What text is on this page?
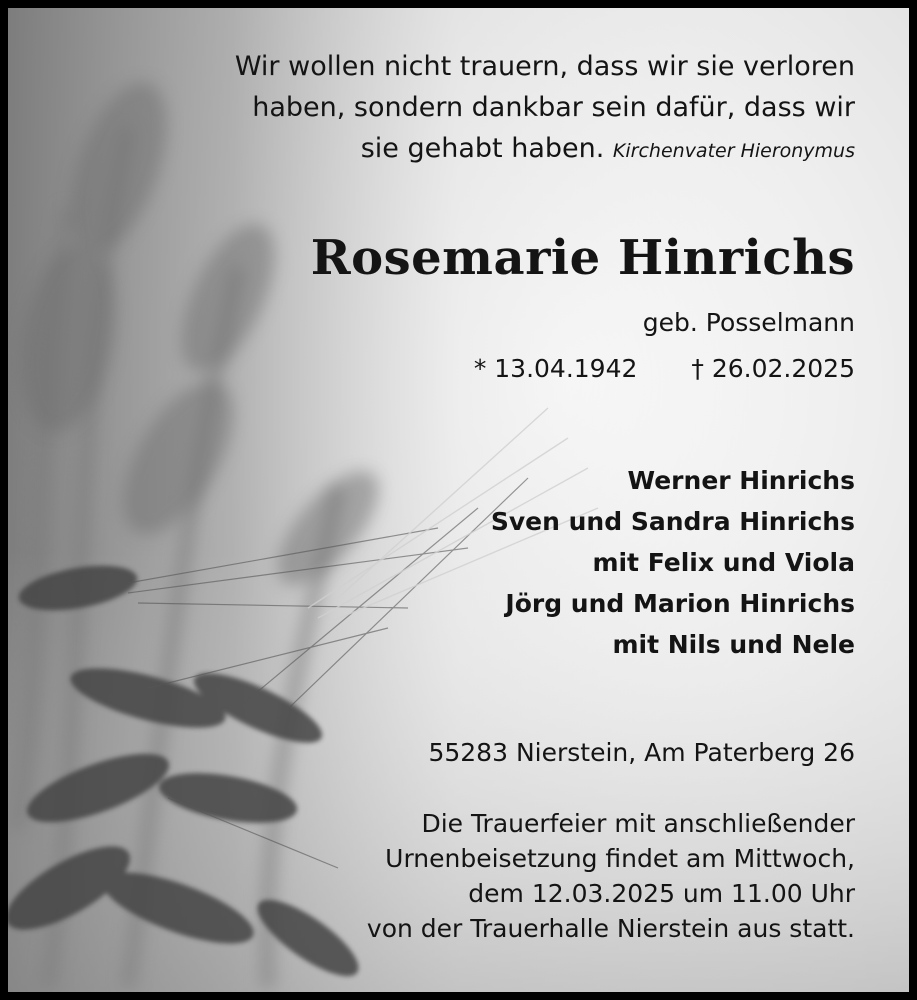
Wir wollen nicht trauern, dass wir sie verloren
haben, sondern dankbar sein dafür, dass wir
sie gehabt haben. Kirchenvater Hieronymus
Rosemarie Hinrichs
geb. Posselmann
* 13.04.1942 † 26.02.2025
Werner Hinrichs
Sven und Sandra Hinrichs
mit Felix und Viola
Jörg und Marion Hinrichs
mit Nils und Nele
55283 Nierstein, Am Paterberg 26
Die Trauerfeier mit anschließender
Urnenbeisetzung findet am Mittwoch,
dem 12.03.2025 um 11.00 Uhr
von der Trauerhalle Nierstein aus statt.
